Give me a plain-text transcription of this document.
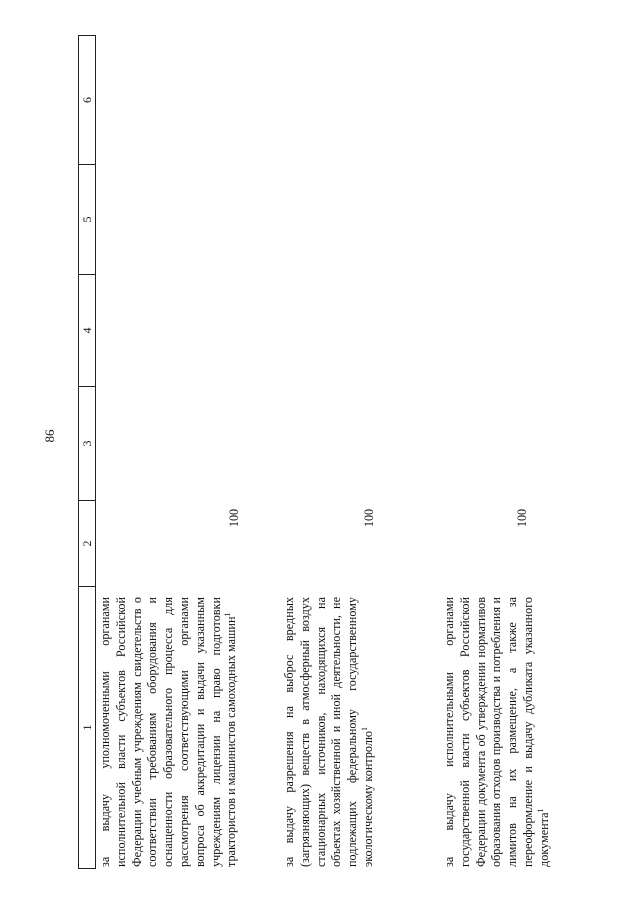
86
1
2
3
4
5
6
за выдачу уполномоченными органами исполнительной власти субъектов Российской Федерации учебным учреждениям свидетельств о соответствии требованиям оборудования и оснащенности образовательного процесса для рассмотрения соответствующими органами вопроса об аккредитации и выдачи указанным учреждениям лицензии на право подготовки трактористов и машинистов самоходных машин$^1$
100
за выдачу разрешения на выброс вредных (загрязняющих) веществ в атмосферный воздух стационарных источников, находящихся на объектах хозяйственной и иной деятельности, не подлежащих федеральному государственному экологическому контролю$^1$
100
за выдачу исполнительными органами государственной власти субъектов Российской Федерации документа об утверждении нормативов образования отходов производства и потребления и лимитов на их размещение, а также за переоформление и выдачу дубликата указанного документа$^1$
100
